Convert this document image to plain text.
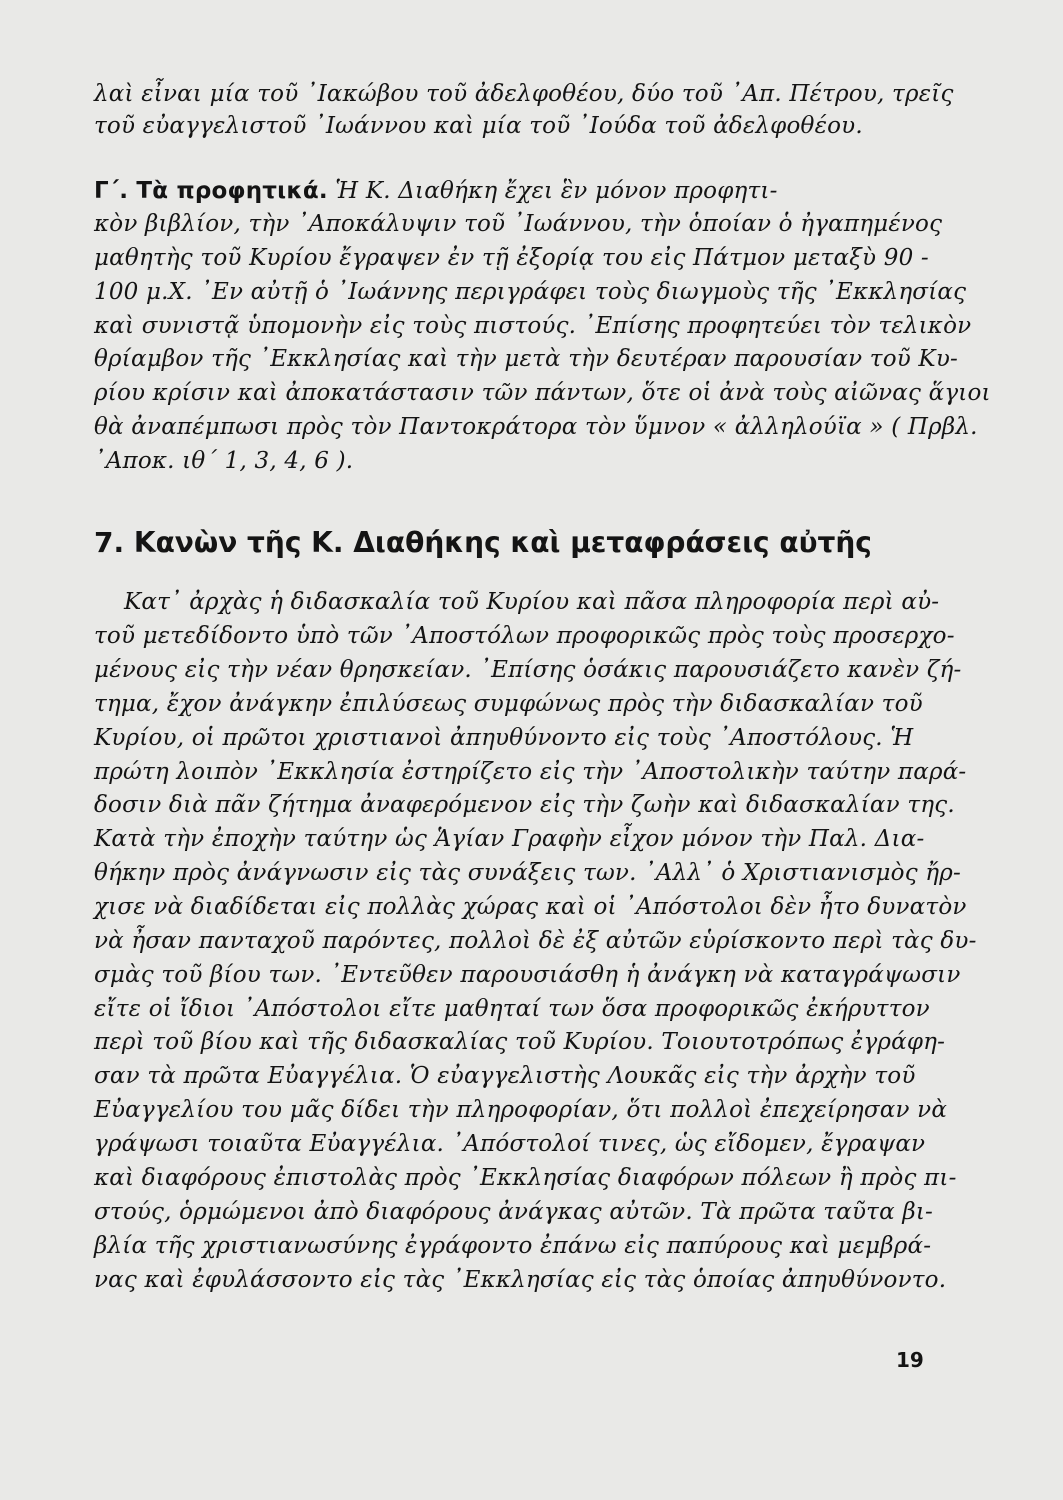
λαὶ εἶναι μία τοῦ ᾿Ιακώβου τοῦ ἀδελφοθέου, δύο τοῦ ᾿Απ. Πέτρου, τρεῖς
τοῦ εὐαγγελιστοῦ ᾿Ιωάννου καὶ μία τοῦ ᾿Ιούδα τοῦ ἀδελφοθέου.
Γ΄. Τὰ προφητικά. Ἡ Κ. Διαθήκη ἔχει ἓν μόνον προφητι-
κὸν βιβλίον, τὴν ᾿Αποκάλυψιν τοῦ ᾿Ιωάννου, τὴν ὁποίαν ὁ ἠγαπημένος
μαθητὴς τοῦ Κυρίου ἔγραψεν ἐν τῇ ἐξορίᾳ του εἰς Πάτμον μεταξὺ 90 -
100 μ.Χ. ᾿Εν αὐτῇ ὁ ᾿Ιωάννης περιγράφει τοὺς διωγμοὺς τῆς ᾿Εκκλησίας
καὶ συνιστᾷ ὑπομονὴν εἰς τοὺς πιστούς. ᾿Επίσης προφητεύει τὸν τελικὸν
θρίαμβον τῆς ᾿Εκκλησίας καὶ τὴν μετὰ τὴν δευτέραν παρουσίαν τοῦ Κυ-
ρίου κρίσιν καὶ ἀποκατάστασιν τῶν πάντων, ὅτε οἱ ἀνὰ τοὺς αἰῶνας ἅγιοι
θὰ ἀναπέμπωσι πρὸς τὸν Παντοκράτορα τὸν ὕμνον « ἀλληλούϊα » ( Πρβλ.
᾿Αποκ. ιθ΄ 1, 3, 4, 6 ).
7. Κανὼν τῆς Κ. Διαθήκης καὶ μεταφράσεις αὐτῆς
Κατ᾿ ἀρχὰς ἡ διδασκαλία τοῦ Κυρίου καὶ πᾶσα πληροφορία περὶ αὐ-
τοῦ μετεδίδοντο ὑπὸ τῶν ᾿Αποστόλων προφορικῶς πρὸς τοὺς προσερχο-
μένους εἰς τὴν νέαν θρησκείαν. ᾿Επίσης ὁσάκις παρουσιάζετο κανὲν ζή-
τημα, ἔχον ἀνάγκην ἐπιλύσεως συμφώνως πρὸς τὴν διδασκαλίαν τοῦ
Κυρίου, οἱ πρῶτοι χριστιανοὶ ἀπηυθύνοντο εἰς τοὺς ᾿Αποστόλους. Ἡ
πρώτη λοιπὸν ᾿Εκκλησία ἐστηρίζετο εἰς τὴν ᾿Αποστολικὴν ταύτην παρά-
δοσιν διὰ πᾶν ζήτημα ἀναφερόμενον εἰς τὴν ζωὴν καὶ διδασκαλίαν της.
Κατὰ τὴν ἐποχὴν ταύτην ὡς Ἁγίαν Γραφὴν εἶχον μόνον τὴν Παλ. Δια-
θήκην πρὸς ἀνάγνωσιν εἰς τὰς συνάξεις των. ᾿Αλλ᾿ ὁ Χριστιανισμὸς ἤρ-
χισε νὰ διαδίδεται εἰς πολλὰς χώρας καὶ οἱ ᾿Απόστολοι δὲν ἦτο δυνατὸν
νὰ ἦσαν πανταχοῦ παρόντες, πολλοὶ δὲ ἐξ αὐτῶν εὑρίσκοντο περὶ τὰς δυ-
σμὰς τοῦ βίου των. ᾿Εντεῦθεν παρουσιάσθη ἡ ἀνάγκη νὰ καταγράψωσιν
εἴτε οἱ ἴδιοι ᾿Απόστολοι εἴτε μαθηταί των ὅσα προφορικῶς ἐκήρυττον
περὶ τοῦ βίου καὶ τῆς διδασκαλίας τοῦ Κυρίου. Τοιουτοτρόπως ἐγράφη-
σαν τὰ πρῶτα Εὐαγγέλια. Ὁ εὐαγγελιστὴς Λουκᾶς εἰς τὴν ἀρχὴν τοῦ
Εὐαγγελίου του μᾶς δίδει τὴν πληροφορίαν, ὅτι πολλοὶ ἐπεχείρησαν νὰ
γράψωσι τοιαῦτα Εὐαγγέλια. ᾿Απόστολοί τινες, ὡς εἴδομεν, ἔγραψαν
καὶ διαφόρους ἐπιστολὰς πρὸς ᾿Εκκλησίας διαφόρων πόλεων ἢ πρὸς πι-
στούς, ὁρμώμενοι ἀπὸ διαφόρους ἀνάγκας αὐτῶν. Τὰ πρῶτα ταῦτα βι-
βλία τῆς χριστιανωσύνης ἐγράφοντο ἐπάνω εἰς παπύρους καὶ μεμβρά-
νας καὶ ἐφυλάσσοντο εἰς τὰς ᾿Εκκλησίας εἰς τὰς ὁποίας ἀπηυθύνοντο.
19
